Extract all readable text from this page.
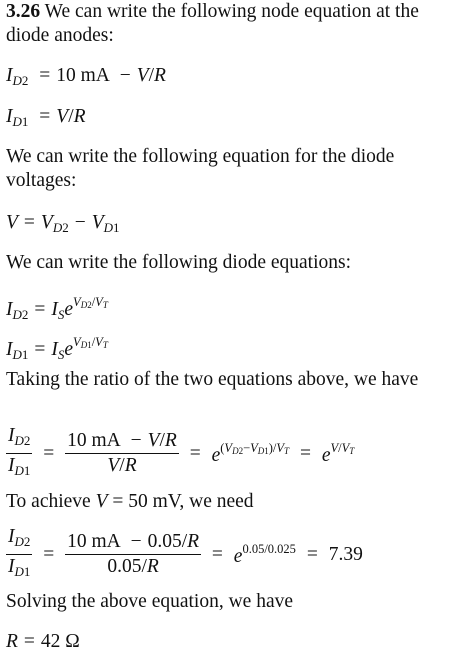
3.26 We can write the following node equation at the diode anodes:
$I_{D2} = 10$ mA − V/R
$I_{D1} = V/R$
We can write the following equation for the diode voltages:
$V = V_{D2} - V_{D1}$
We can write the following diode equations:
$I_{D2} = I_Se^{VD2/VT}$
$I_{D1} = I_Se^{VD1/VT}$
Taking the ratio of the two equations above, we have
$\frac{I_{D2}}{I_{D1}} = \frac{10 mA - V/R}{V/R} = e^{(VD2-VD1)/VT} = e^{V/VT}$
To achieve V = 50 mV, we need
$\frac{I_{D2}}{I_{D1}} = \frac{10 mA - 0.05/R}{0.05/R} = e^{0.05/0.025} = 7.39$
Solving the above equation, we have
R = 42 Ω
